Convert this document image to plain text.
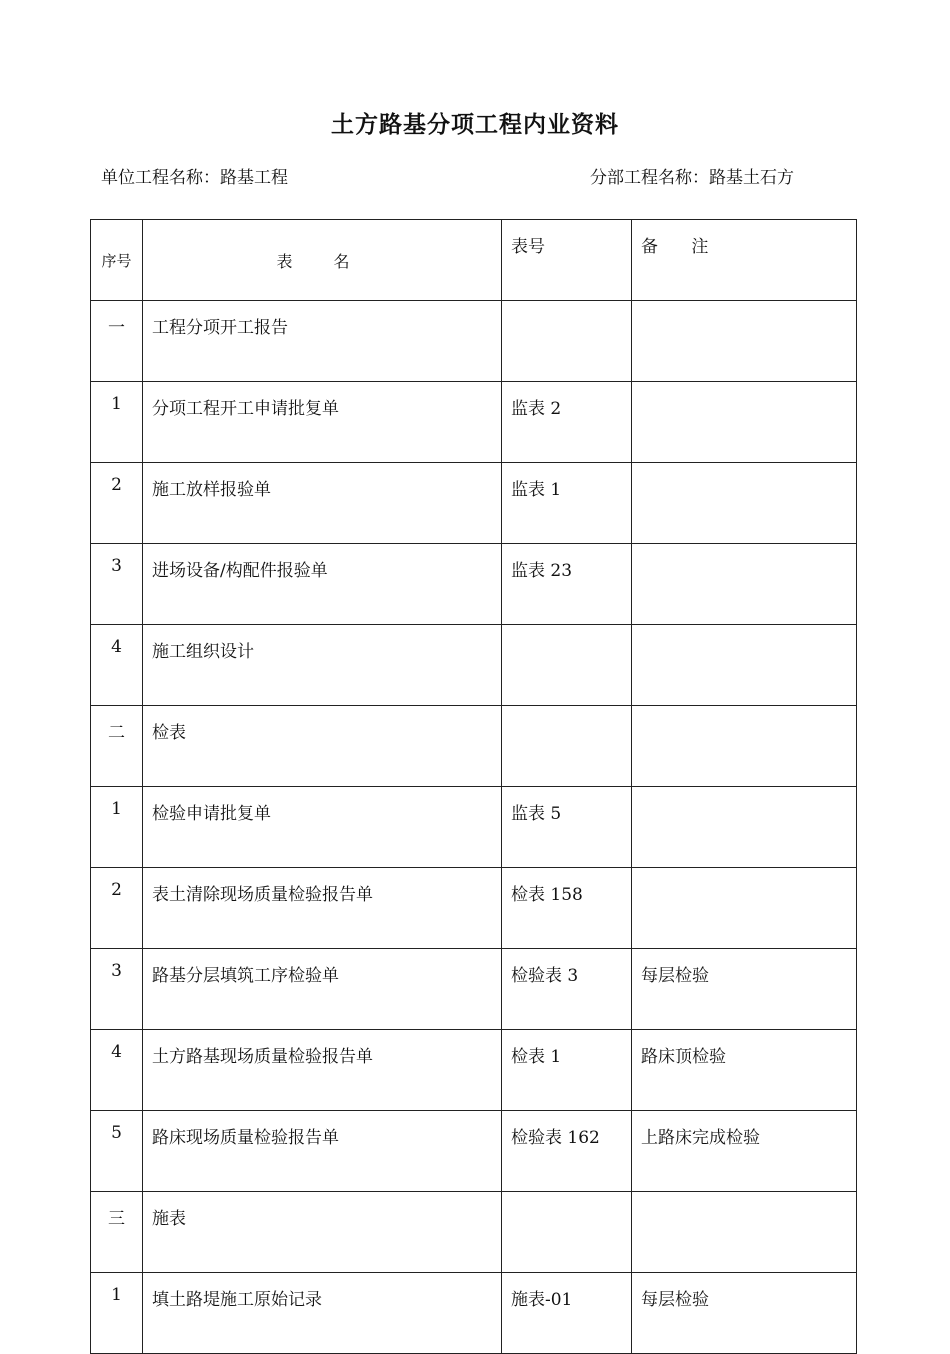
土方路基分项工程内业资料
单位工程名称：路基工程	分部工程名称：路基土石方
序号	表 名	表号	备 注
一	工程分项开工报告		
1	分项工程开工申请批复单	监表 2	
2	施工放样报验单	监表 1	
3	进场设备/构配件报验单	监表 23	
4	施工组织设计		
二	检表		
1	检验申请批复单	监表 5	
2	表土清除现场质量检验报告单	检表 158	
3	路基分层填筑工序检验单	检验表 3	每层检验
4	土方路基现场质量检验报告单	检表 1	路床顶检验
5	路床现场质量检验报告单	检验表 162	上路床完成检验
三	施表		
1	填土路堤施工原始记录	施表-01	每层检验
